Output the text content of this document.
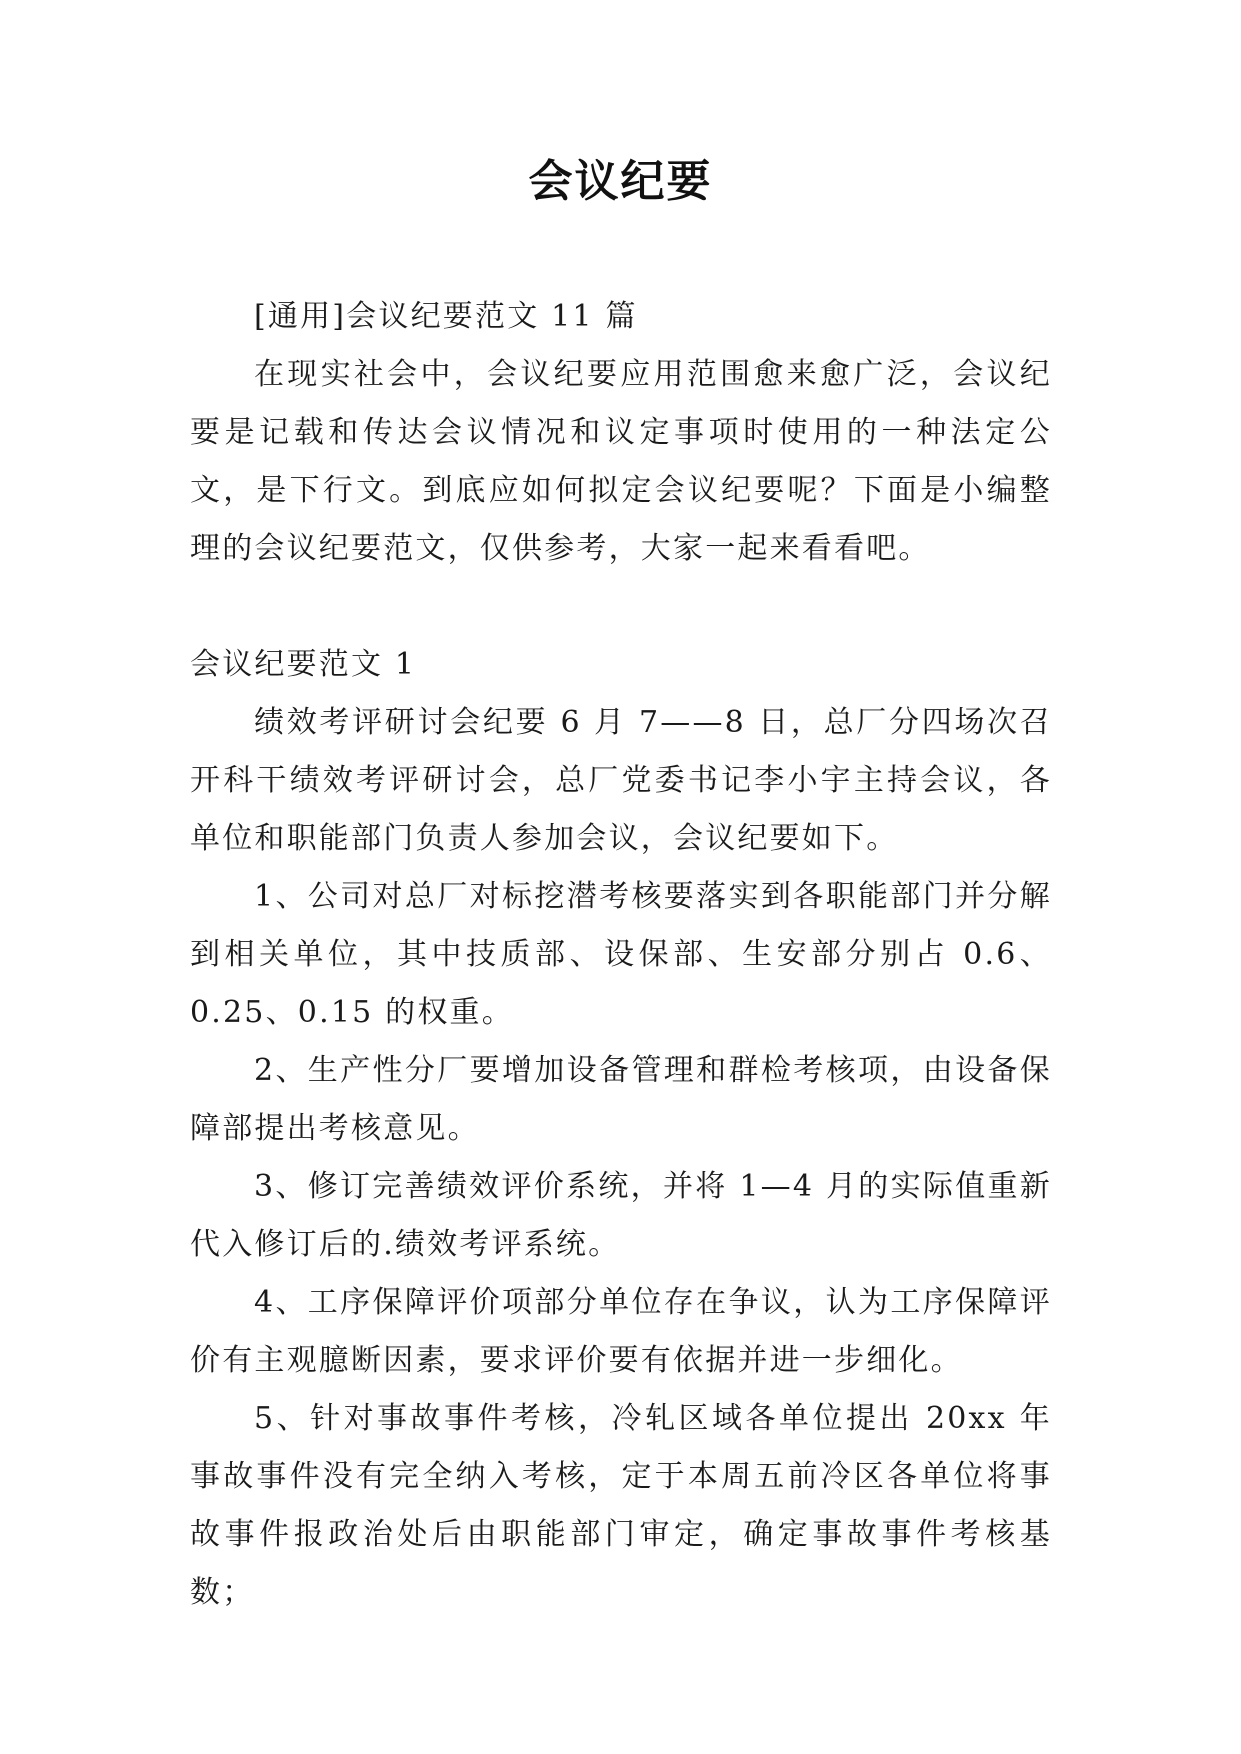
会议纪要

[通用]会议纪要范文 11 篇

在现实社会中，会议纪要应用范围愈来愈广泛，会议纪要是记载和传达会议情况和议定事项时使用的一种法定公文，是下行文。到底应如何拟定会议纪要呢？下面是小编整理的会议纪要范文，仅供参考，大家一起来看看吧。

会议纪要范文 1

绩效考评研讨会纪要 6 月 7——8 日，总厂分四场次召开科干绩效考评研讨会，总厂党委书记李小宇主持会议，各单位和职能部门负责人参加会议，会议纪要如下。

1、公司对总厂对标挖潜考核要落实到各职能部门并分解到相关单位，其中技质部、设保部、生安部分别占 0.6、0.25、0.15 的权重。

2、生产性分厂要增加设备管理和群检考核项，由设备保障部提出考核意见。

3、修订完善绩效评价系统，并将 1—4 月的实际值重新代入修订后的.绩效考评系统。

4、工序保障评价项部分单位存在争议，认为工序保障评价有主观臆断因素，要求评价要有依据并进一步细化。

5、针对事故事件考核，冷轧区域各单位提出 20xx 年事故事件没有完全纳入考核，定于本周五前冷区各单位将事故事件报政治处后由职能部门审定，确定事故事件考核基数；
